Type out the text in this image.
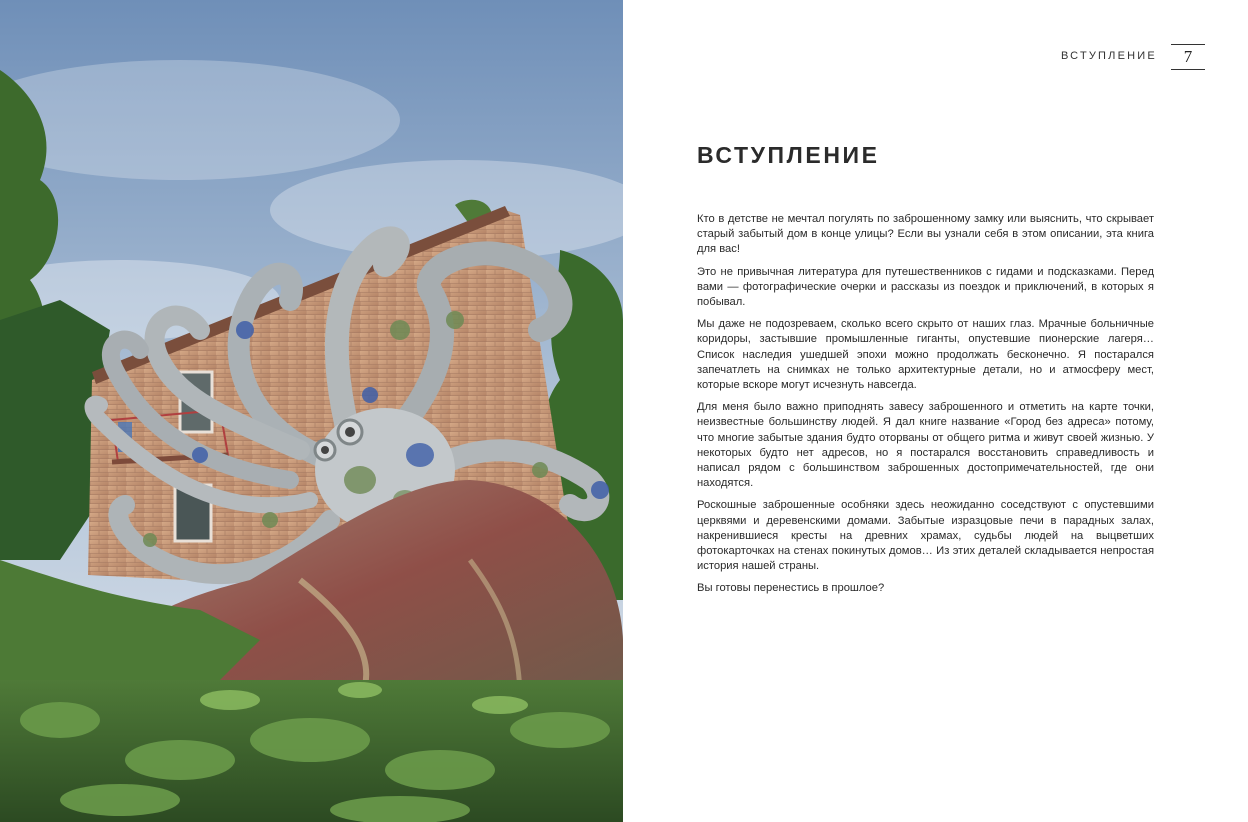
ВСТУПЛЕНИЕ	7
ВСТУПЛЕНИЕ

Кто в детстве не мечтал погулять по заброшенному замку или выяснить, что скрывает старый забытый дом в конце улицы? Если вы узнали себя в этом описании, эта книга для вас!

Это не привычная литература для путешественников с гидами и подсказками. Перед вами — фотографические очерки и рассказы из поездок и приключений, в которых я побывал.

Мы даже не подозреваем, сколько всего скрыто от наших глаз. Мрачные больничные коридоры, застывшие промышленные гиганты, опустевшие пионерские лагеря… Список наследия ушедшей эпохи можно продолжать бесконечно. Я постарался запечатлеть на снимках не только архитектурные детали, но и атмосферу мест, которые вскоре могут исчезнуть навсегда.

Для меня было важно приподнять завесу заброшенного и отметить на карте точки, неизвестные большинству людей. Я дал книге название «Город без адреса» потому, что многие забытые здания будто оторваны от общего ритма и живут своей жизнью. У некоторых будто нет адресов, но я постарался восстановить справедливость и написал рядом с большинством заброшенных достопримечательностей, где они находятся.

Роскошные заброшенные особняки здесь неожиданно соседствуют с опустевшими церквями и деревенскими домами. Забытые изразцовые печи в парадных залах, накренившиеся кресты на древних храмах, судьбы людей на выцветших фотокарточках на стенах покинутых домов… Из этих деталей складывается непростая история нашей страны.

Вы готовы перенестись в прошлое?
